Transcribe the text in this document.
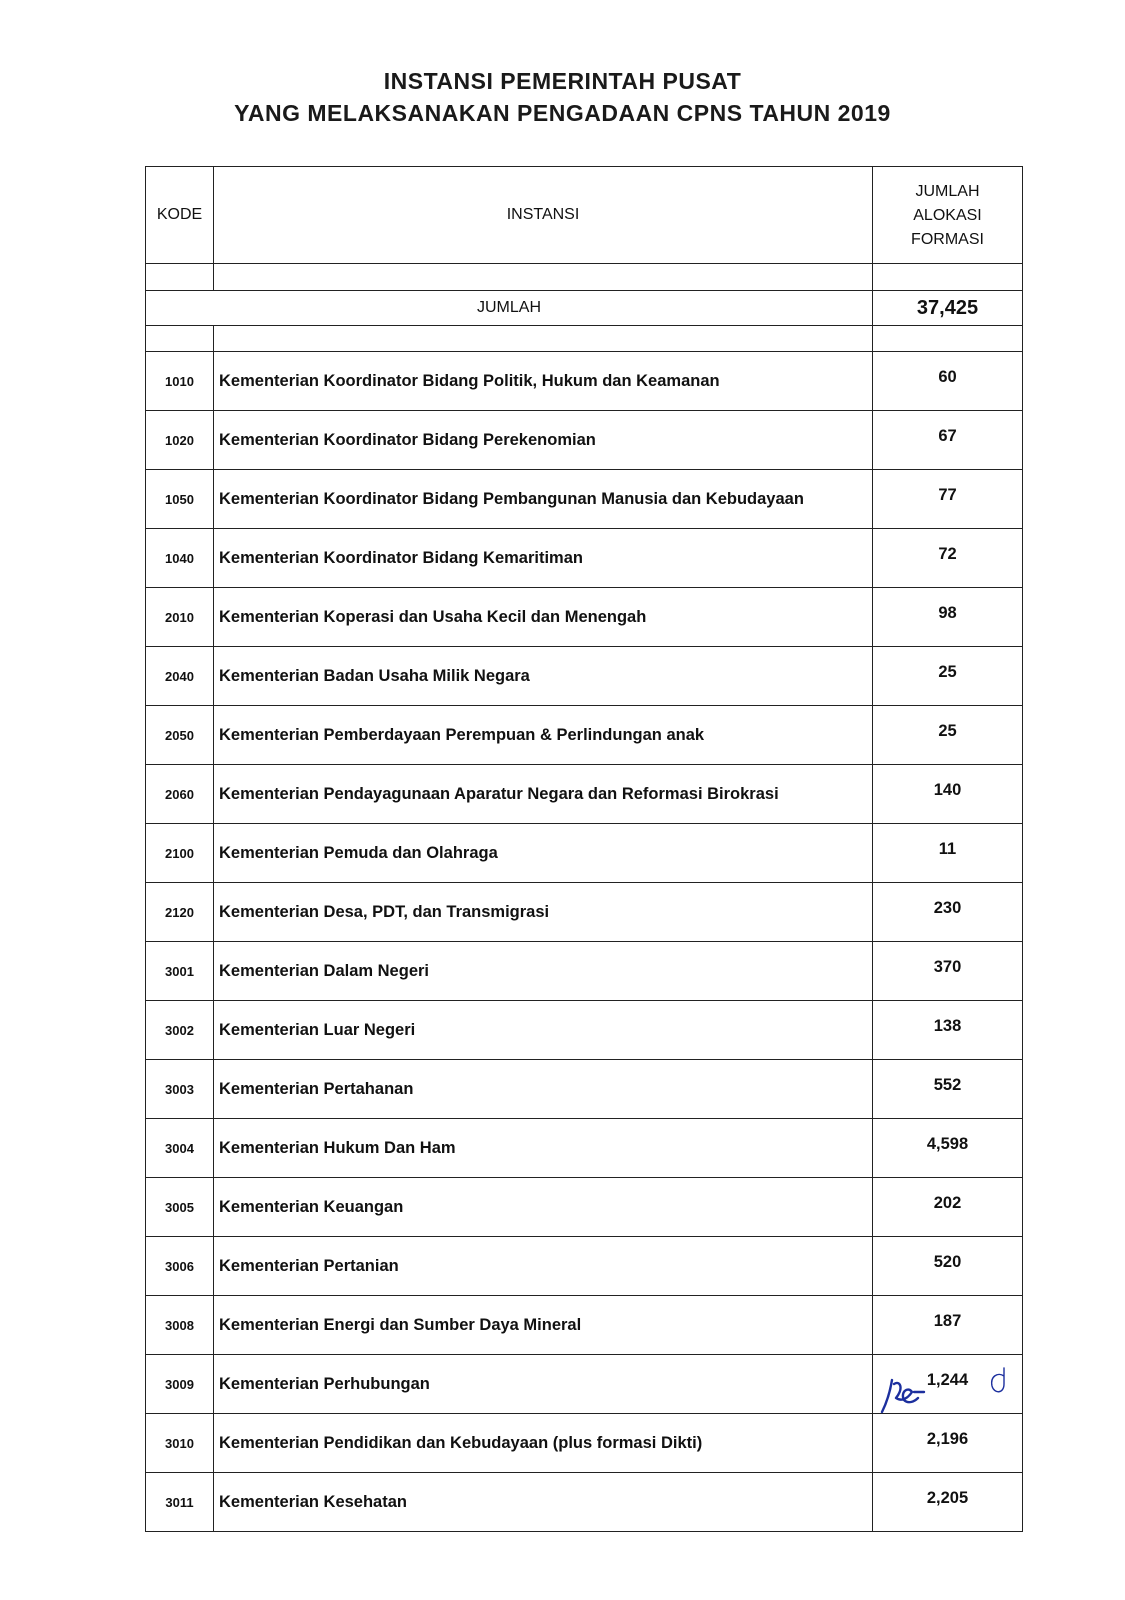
INSTANSI PEMERINTAH PUSAT
YANG MELAKSANAKAN PENGADAAN CPNS TAHUN 2019
KODE	INSTANSI	JUMLAH
ALOKASI
FORMASI

JUMLAH		37,425

1010	Kementerian Koordinator Bidang Politik, Hukum dan Keamanan	60
1020	Kementerian Koordinator Bidang Perekenomian	67
1050	Kementerian Koordinator Bidang Pembangunan Manusia dan Kebudayaan	77
1040	Kementerian Koordinator Bidang Kemaritiman	72
2010	Kementerian Koperasi dan Usaha Kecil dan Menengah	98
2040	Kementerian Badan Usaha Milik Negara	25
2050	Kementerian Pemberdayaan Perempuan & Perlindungan anak	25
2060	Kementerian Pendayagunaan Aparatur Negara dan Reformasi Birokrasi	140
2100	Kementerian Pemuda dan Olahraga	11
2120	Kementerian Desa, PDT, dan Transmigrasi	230
3001	Kementerian Dalam Negeri	370
3002	Kementerian Luar Negeri	138
3003	Kementerian Pertahanan	552
3004	Kementerian Hukum Dan Ham	4,598
3005	Kementerian Keuangan	202
3006	Kementerian Pertanian	520
3008	Kementerian Energi dan Sumber Daya Mineral	187
3009	Kementerian Perhubungan	1,244
3010	Kementerian Pendidikan dan Kebudayaan (plus formasi Dikti)	2,196
3011	Kementerian Kesehatan	2,205
